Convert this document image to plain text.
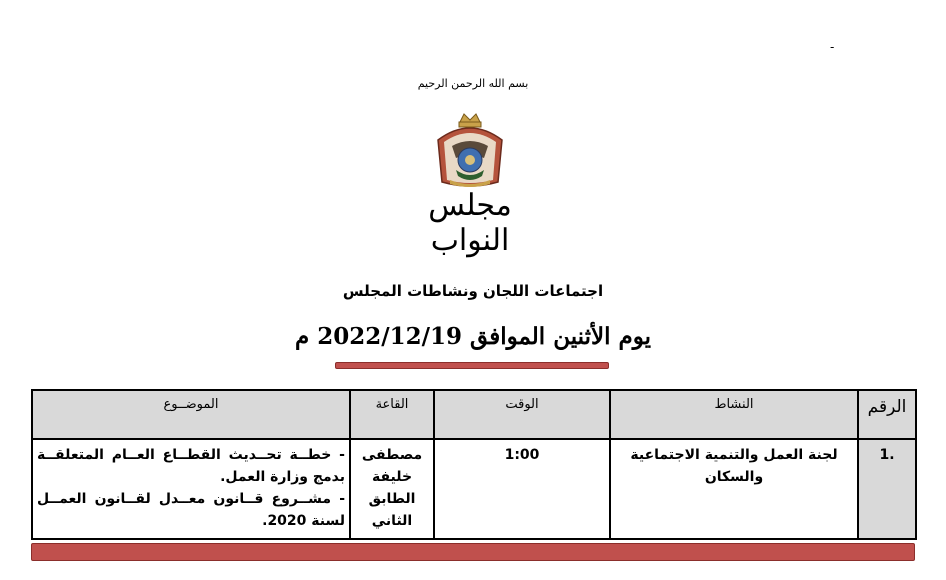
-
بسم الله الرحمن الرحيم
مجلس النواب
اجتماعات اللجان ونشاطات المجلس
يوم الأثنين الموافق 2022/12/19 م
الرقم	النشاط	الوقت	القاعة	الموضــوع
.1	لجنة العمل والتنمية الاجتماعية والسكان	1:00	مصطفى خليفة الطابق الثاني	- خطــة تحــديث القطــاع العــام المتعلقــة بدمج وزارة العمل.
- مشــروع قــانون معــدل لقــانون العمــل لسنة 2020.
